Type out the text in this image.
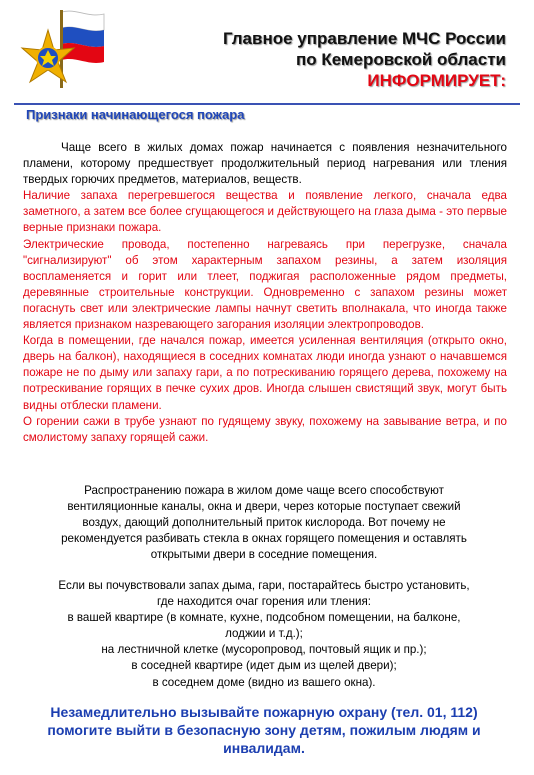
Главное управление МЧС России
по Кемеровской области
ИНФОРМИРУЕТ:
Признаки начинающегося пожара

Чаще всего в жилых домах пожар начинается с появления незначительного пламени, которому предшествует продолжительный период нагревания или тления твердых горючих предметов, материалов, веществ.

Наличие запаха перегревшегося вещества и появление легкого, сначала едва заметного, а затем все более сгущающегося и действующего на глаза дыма - это первые верные признаки пожара.

Электрические провода, постепенно нагреваясь при перегрузке, сначала "сигнализируют" об этом характерным запахом резины, а затем изоляция воспламеняется и горит или тлеет, поджигая расположенные рядом предметы, деревянные строительные конструкции. Одновременно с запахом резины может погаснуть свет или электрические лампы начнут светить вполнакала, что иногда также является признаком назревающего загорания изоляции электропроводов.

Когда в помещении, где начался пожар, имеется усиленная вентиляция (открыто окно, дверь на балкон), находящиеся в соседних комнатах люди иногда узнают о начавшемся пожаре не по дыму или запаху гари, а по потрескиванию горящего дерева, похожему на потрескивание горящих в печке сухих дров. Иногда слышен свистящий звук, могут быть видны отблески пламени.

О горении сажи в трубе узнают по гудящему звуку, похожему на завывание ветра, и по смолистому запаху горящей сажи.

Распространению пожара в жилом доме чаще всего способствуют

вентиляционные каналы, окна и двери, через которые поступает свежий

воздух, дающий дополнительный приток кислорода. Вот почему не

рекомендуется разбивать стекла в окнах горящего помещения и оставлять

открытыми двери в соседние помещения.

Если вы почувствовали запах дыма, гари, постарайтесь быстро установить,

где находится очаг горения или тления:

в вашей квартире (в комнате, кухне, подсобном помещении, на балконе,

лоджии и т.д.);

на лестничной клетке (мусоропровод, почтовый ящик и пр.);

в соседней квартире (идет дым из щелей двери);

в соседнем доме (видно из вашего окна).

Незамедлительно вызывайте пожарную охрану (тел. 01, 112)
помогите выйти в безопасную зону детям, пожилым людям и
инвалидам.
